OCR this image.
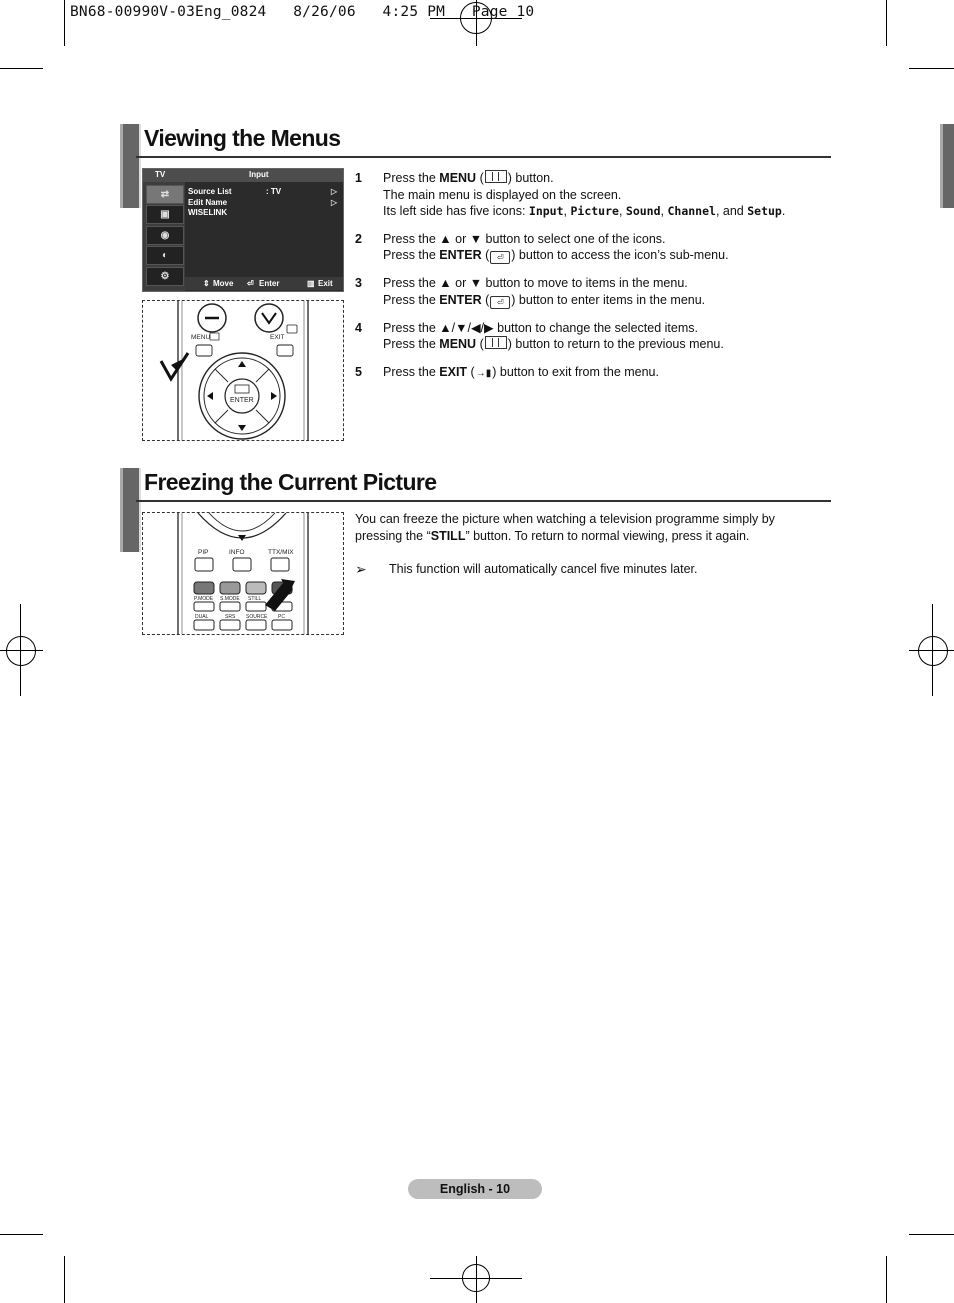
BN68-00990V-03Eng_0824   8/26/06   4:25 PM   Page 10
Viewing the Menus
TV	Input
⇄
▣
◉
◐
⚙
Source List	: TV	▷
Edit Name	▷
WISELINK
⇕ Move ⏎ Enter	▥ Exit
MENU	EXIT
ENTER
1 Press the MENU ( ) button.
The main menu is displayed on the screen.
Its left side has five icons: Input, Picture, Sound, Channel, and Setup.
2 Press the ▲ or ▼ button to select one of the icons.
Press the ENTER ( ⏎ ) button to access the icon’s sub-menu.
3 Press the ▲ or ▼ button to move to items in the menu.
Press the ENTER ( ⏎ ) button to enter items in the menu.
4 Press the ▲/▼/◀/▶ button to change the selected items.
Press the MENU ( ) button to return to the previous menu.
5 Press the EXIT (→▮) button to exit from the menu.
Freezing the Current Picture
PIP	INFO	TTX/MIX
P.MODE S.MODE STILL
DUAL	SRS SOURCE PC
You can freeze the picture when watching a television programme simply by pressing the “STILL” button. To return to normal viewing, press it again.
➢ This function will automatically cancel five minutes later.
English - 10
